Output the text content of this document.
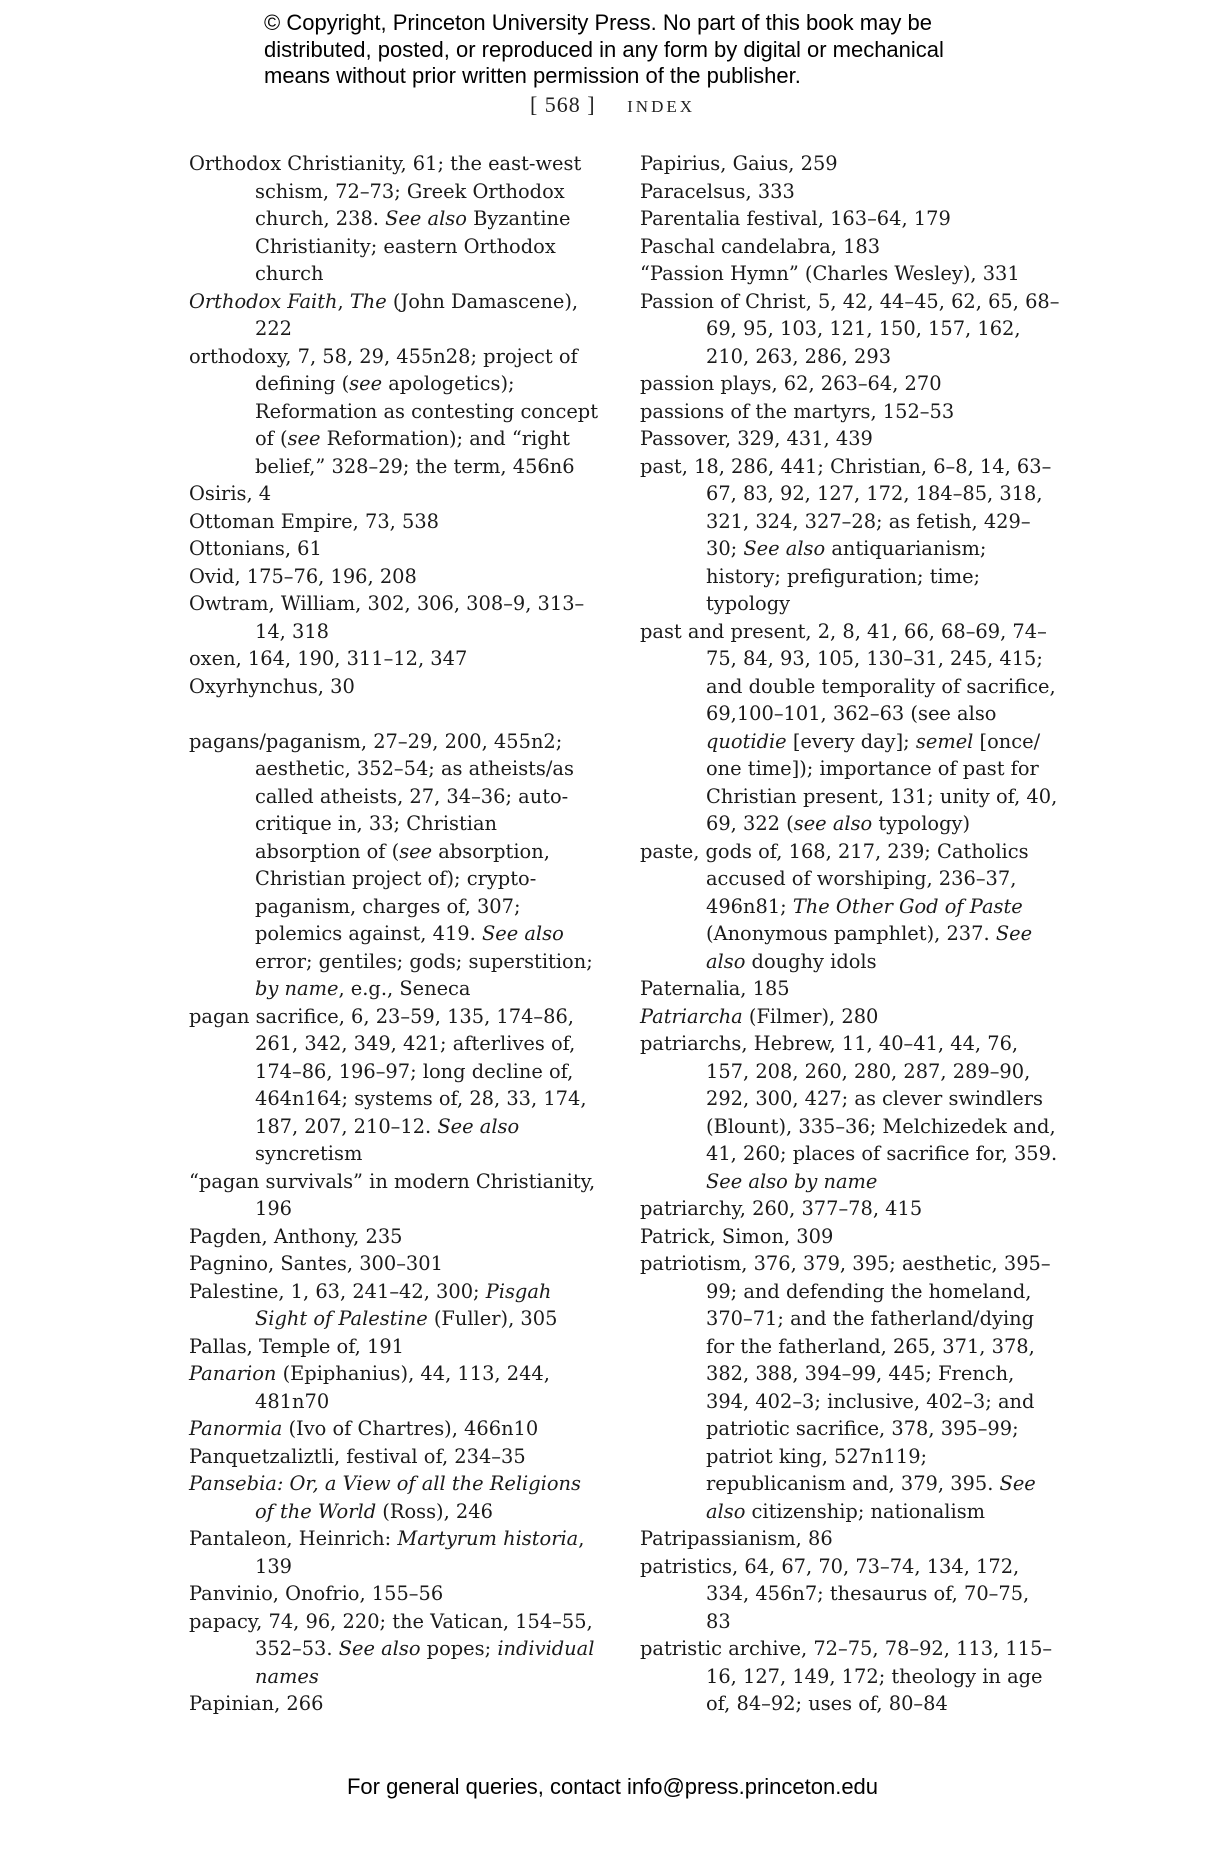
© Copyright, Princeton University Press. No part of this book may be
distributed, posted, or reproduced in any form by digital or mechanical
means without prior written permission of the publisher.
[ 568 ] INDEX
Orthodox Christianity, 61; the east-west schism, 72–73; Greek Orthodox church, 238. See also Byzantine Christianity; eastern Orthodox church
Orthodox Faith, The (John Damascene), 222
orthodoxy, 7, 58, 29, 455n28; project of defining (see apologetics); Reformation as contesting concept of (see Reformation); and “right belief,” 328–29; the term, 456n6
Osiris, 4
Ottoman Empire, 73, 538
Ottonians, 61
Ovid, 175–76, 196, 208
Owtram, William, 302, 306, 308–9, 313–14, 318
oxen, 164, 190, 311–12, 347
Oxyrhynchus, 30
pagans/paganism, 27–29, 200, 455n2; aesthetic, 352–54; as atheists/as called atheists, 27, 34–36; auto-critique in, 33; Christian absorption of (see absorption, Christian project of); crypto-paganism, charges of, 307; polemics against, 419. See also error; gentiles; gods; superstition; by name, e.g., Seneca
pagan sacrifice, 6, 23–59, 135, 174–86, 261, 342, 349, 421; afterlives of, 174–86, 196–97; long decline of, 464n164; systems of, 28, 33, 174, 187, 207, 210–12. See also syncretism
“pagan survivals” in modern Christianity, 196
Pagden, Anthony, 235
Pagnino, Santes, 300–301
Palestine, 1, 63, 241–42, 300; Pisgah Sight of Palestine (Fuller), 305
Pallas, Temple of, 191
Panarion (Epiphanius), 44, 113, 244, 481n70
Panormia (Ivo of Chartres), 466n10
Panquetzaliztli, festival of, 234–35
Pansebia: Or, a View of all the Religions of the World (Ross), 246
Pantaleon, Heinrich: Martyrum historia, 139
Panvinio, Onofrio, 155–56
papacy, 74, 96, 220; the Vatican, 154–55, 352–53. See also popes; individual names
Papinian, 266
Papirius, Gaius, 259
Paracelsus, 333
Parentalia festival, 163–64, 179
Paschal candelabra, 183
“Passion Hymn” (Charles Wesley), 331
Passion of Christ, 5, 42, 44–45, 62, 65, 68–69, 95, 103, 121, 150, 157, 162, 210, 263, 286, 293
passion plays, 62, 263–64, 270
passions of the martyrs, 152–53
Passover, 329, 431, 439
past, 18, 286, 441; Christian, 6–8, 14, 63–67, 83, 92, 127, 172, 184–85, 318, 321, 324, 327–28; as fetish, 429–30; See also antiquarianism; history; prefiguration; time; typology
past and present, 2, 8, 41, 66, 68–69, 74–75, 84, 93, 105, 130–31, 245, 415; and double temporality of sacrifice, 69,100–101, 362–63 (see also quotidie [every day]; semel [once/ one time]); importance of past for Christian present, 131; unity of, 40, 69, 322 (see also typology)
paste, gods of, 168, 217, 239; Catholics accused of worshiping, 236–37, 496n81; The Other God of Paste (Anonymous pamphlet), 237. See also doughy idols
Paternalia, 185
Patriarcha (Filmer), 280
patriarchs, Hebrew, 11, 40–41, 44, 76, 157, 208, 260, 280, 287, 289–90, 292, 300, 427; as clever swindlers (Blount), 335–36; Melchizedek and, 41, 260; places of sacrifice for, 359. See also by name
patriarchy, 260, 377–78, 415
Patrick, Simon, 309
patriotism, 376, 379, 395; aesthetic, 395–99; and defending the homeland, 370–71; and the fatherland/dying for the fatherland, 265, 371, 378, 382, 388, 394–99, 445; French, 394, 402–3; inclusive, 402–3; and patriotic sacrifice, 378, 395–99; patriot king, 527n119; republicanism and, 379, 395. See also citizenship; nationalism
Patripassianism, 86
patristics, 64, 67, 70, 73–74, 134, 172, 334, 456n7; thesaurus of, 70–75, 83
patristic archive, 72–75, 78–92, 113, 115–16, 127, 149, 172; theology in age of, 84–92; uses of, 80–84
For general queries, contact info@press.princeton.edu
